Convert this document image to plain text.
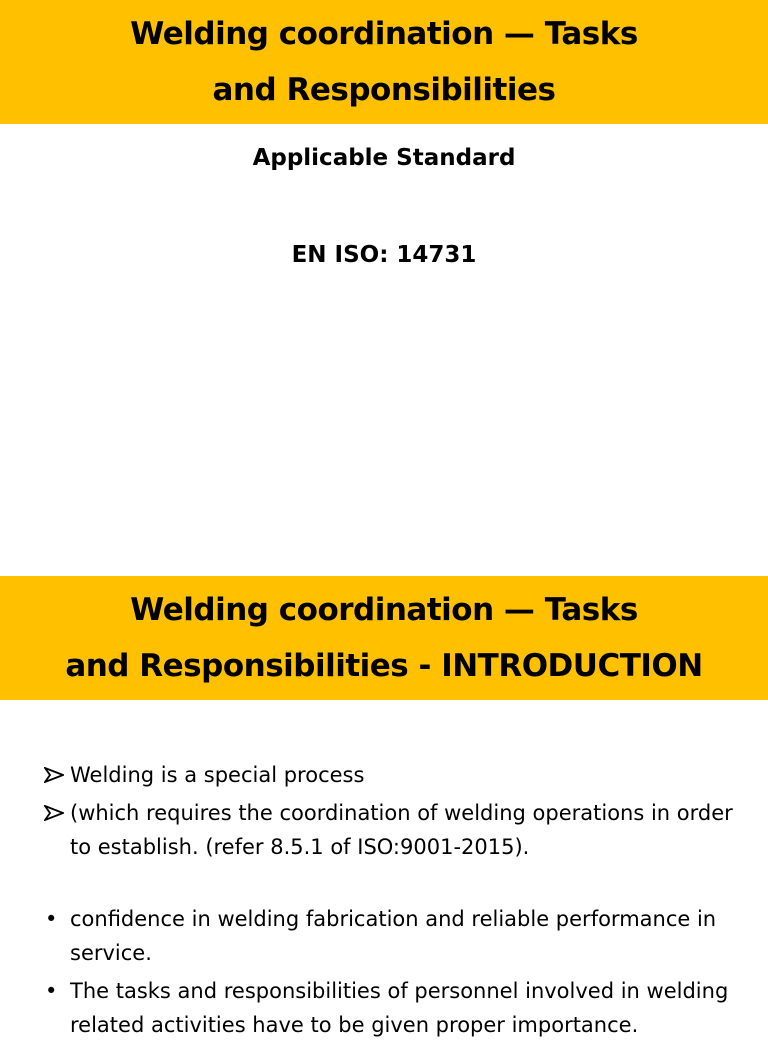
Welding coordination — Tasks
and Responsibilities
Applicable Standard
EN ISO: 14731
Welding coordination — Tasks
and Responsibilities - INTRODUCTION
Welding is a special process
(which requires the coordination of welding operations in order to establish. (refer 8.5.1 of ISO:9001-2015).
• confidence in welding fabrication and reliable performance in service.
• The tasks and responsibilities of personnel involved in welding related activities have to be given proper importance.
